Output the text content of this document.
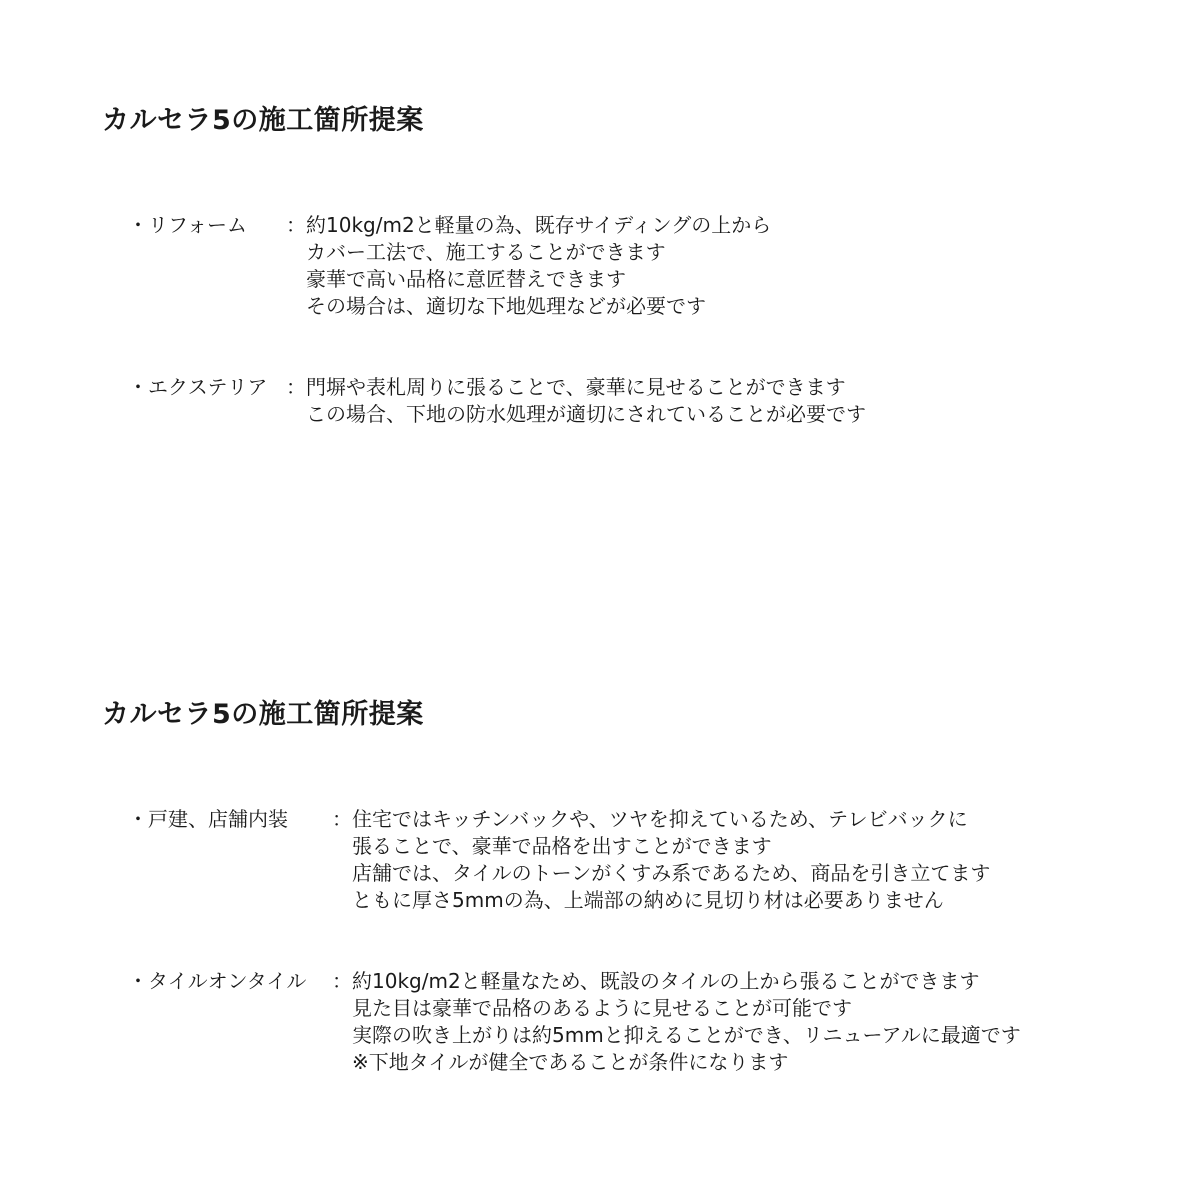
カルセラ5の施工箇所提案
・リフォーム ： 約10kg/m2と軽量の為、既存サイディングの上から
カバー工法で、施工することができます
豪華で高い品格に意匠替えできます
その場合は、適切な下地処理などが必要です
・エクステリア ： 門塀や表札周りに張ることで、豪華に見せることができます
この場合、下地の防水処理が適切にされていることが必要です
カルセラ5の施工箇所提案
・戸建、店舗内装 ： 住宅ではキッチンバックや、ツヤを抑えているため、テレビバックに
張ることで、豪華で品格を出すことができます
店舗では、タイルのトーンがくすみ系であるため、商品を引き立てます
ともに厚さ5mmの為、上端部の納めに見切り材は必要ありません
・タイルオンタイル ： 約10kg/m2と軽量なため、既設のタイルの上から張ることができます
見た目は豪華で品格のあるように見せることが可能です
実際の吹き上がりは約5mmと抑えることができ、リニューアルに最適です
※下地タイルが健全であることが条件になります
